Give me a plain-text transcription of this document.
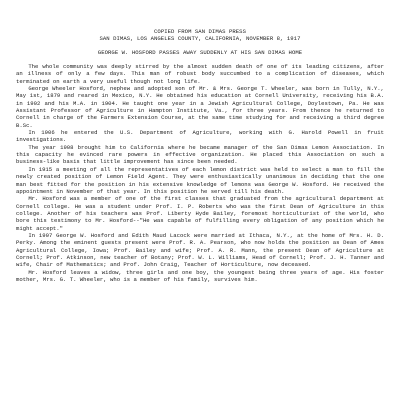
COPIED FROM SAN DIMAS PRESS
SAN DIMAS, LOS ANGELES COUNTY, CALIFORNIA, NOVEMBER 8, 1917
GEORGE W. HOSFORD PASSES AWAY SUDDENLY AT HIS SAN DIMAS HOME

The whole community was deeply stirred by the almost sudden death of one of its leading citizens, after an illness of only a few days. This man of robust body succumbed to a complication of diseases, which terminated on earth a very useful though not long life.

George Wheeler Hosford, nephew and adopted son of Mr. & Mrs. George T. Wheeler, was born in Tully, N.Y., May 1st, 1879 and reared in Mexico, N.Y. He obtained his education at Cornell University, receiving his B.A. in 1902 and his M.A. in 1904. He taught one year in a Jewish Agricultural College, Doylestown, Pa. He was Assistant Professor of Agriculture in Hampton Institute, Va., for three years. From thence he returned to Cornell in charge of the Farmers Extension Course, at the same time studying for and receiving a third degree B.Sc.

In 1906 he entered the U.S. Department of Agriculture, working with G. Harold Powell in fruit investigations.

The year 1908 brought him to California where he became manager of the San Dimas Lemon Association. In this capacity he evinced rare powers in effective organization. He placed this Association on such a business-like basis that little improvement has since been needed.

In 1915 a meeting of all the representatives of each lemon district was held to select a man to fill the newly created position of Lemon Field Agent. They were enthusiastically unanimous in deciding that the one man best fitted for the position in his extensive knowledge of lemons was George W. Hosford. He received the appointment in November of that year. In this position he served till his death.

Mr. Hosford was a member of one of the first classes that graduated from the agricultural department at Cornell college. He was a student under Prof. I. P. Roberts who was the first Dean of Agriculture in this college. Another of his teachers was Prof. Liberty Hyde Bailey, foremost horticulturist of the world, who bore this testimony to Mr. Hosford--"He was capable of fulfilling every obligation of any position which he might accept."

In 1907 George W. Hosford and Edith Maud Lacock were married at Ithaca, N.Y., at the home of Mrs. H. D. Perky. Among the eminent guests present were Prof. R. A. Pearson, who now holds the position as Dean of Ames Agricultural College, Iowa; Prof. Bailey and wife; Prof. A. R. Mann, the present Dean of Agriculture at Cornell; Prof. Atkinson, new teacher of Botany; Prof. W. L. Williams, Head of Cornell; Prof. J. H. Tanner and wife, Chair of Mathematics; and Prof. John Craig, Teacher of Horticulture, now deceased.

Mr. Hosford leaves a widow, three girls and one boy, the youngest being three years of age. His foster mother, Mrs. G. T. Wheeler, who is a member of his family, survives him.
